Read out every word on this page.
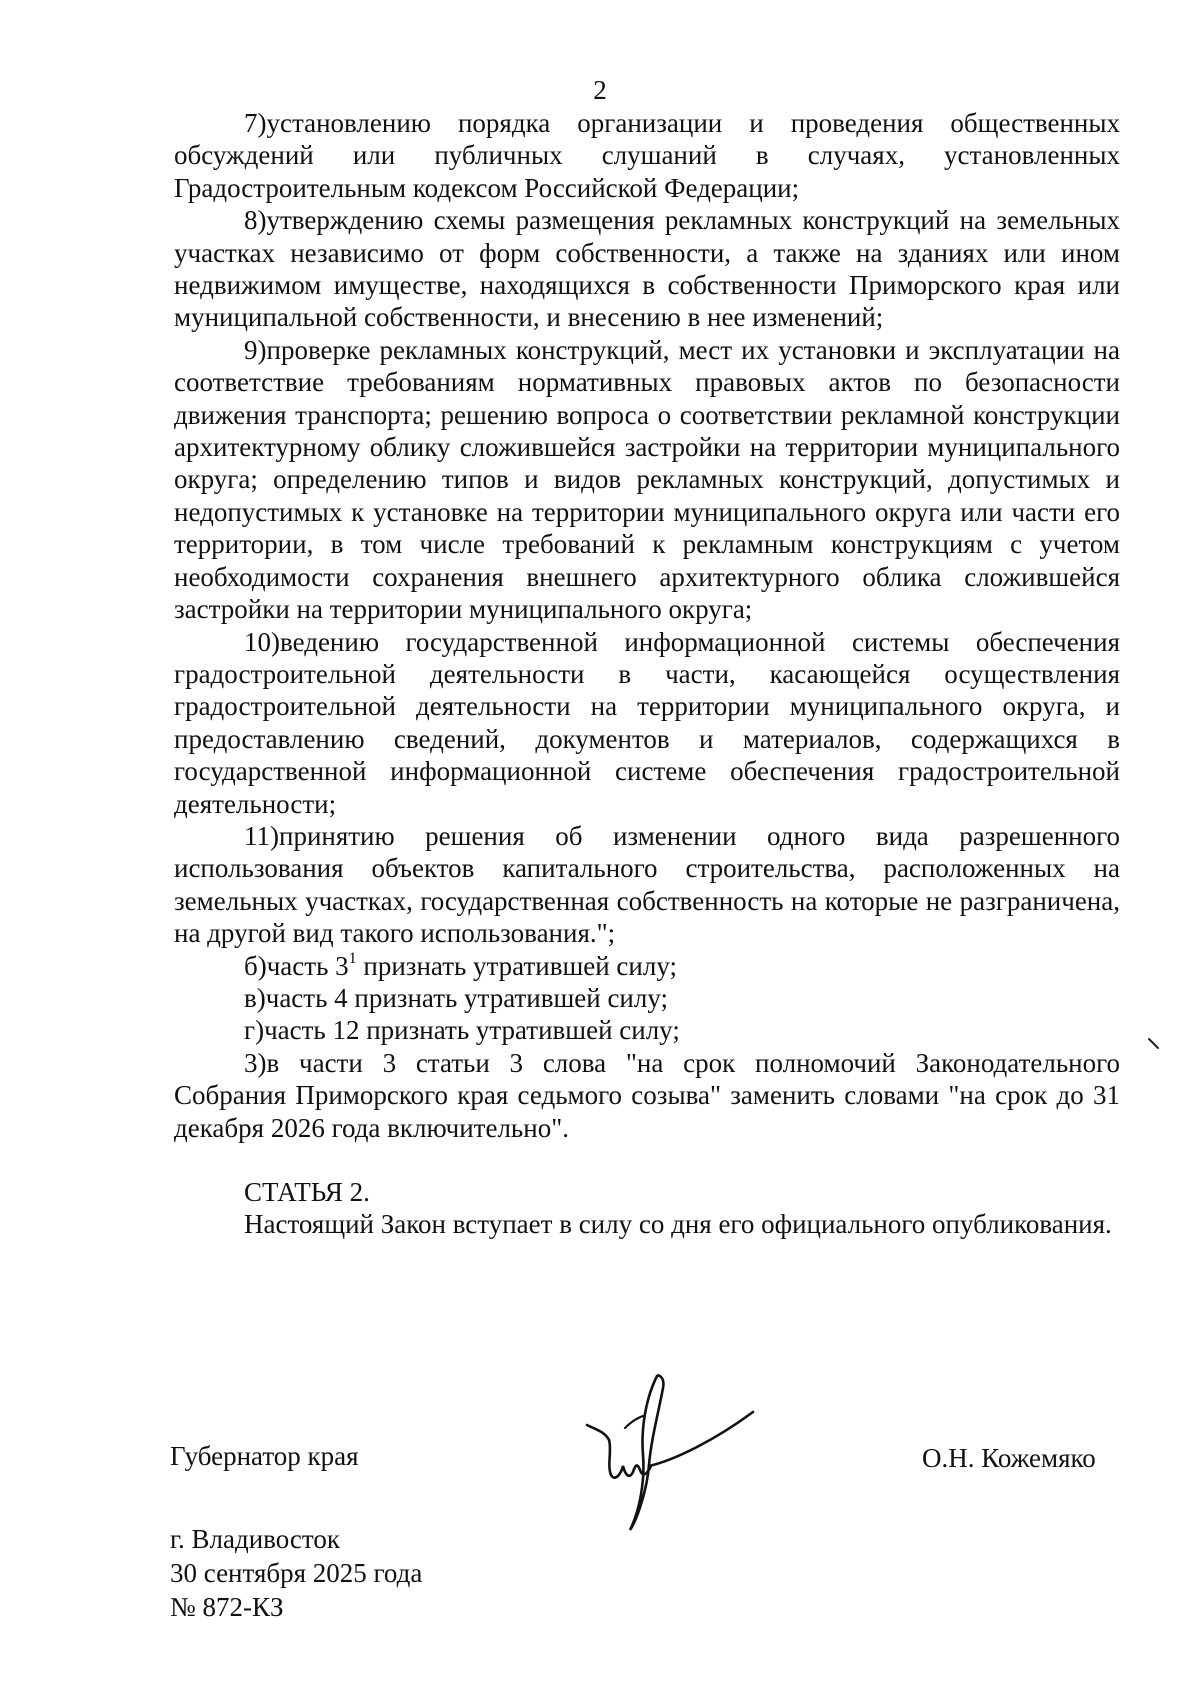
2

7)установлению порядка организации и проведения общественных обсуждений или публичных слушаний в случаях, установленных Градостроительным кодексом Российской Федерации;

8)утверждению схемы размещения рекламных конструкций на земельных участках независимо от форм собственности, а также на зданиях или ином недвижимом имуществе, находящихся в собственности Приморского края или муниципальной собственности, и внесению в нее изменений;

9)проверке рекламных конструкций, мест их установки и эксплуатации на соответствие требованиям нормативных правовых актов по безопасности движения транспорта; решению вопроса о соответствии рекламной конструкции архитектурному облику сложившейся застройки на территории муниципального округа; определению типов и видов рекламных конструкций, допустимых и недопустимых к установке на территории муниципального округа или части его территории, в том числе требований к рекламным конструкциям с учетом необходимости сохранения внешнего архитектурного облика сложившейся застройки на территории муниципального округа;

10)ведению государственной информационной системы обеспечения градостроительной деятельности в части, касающейся осуществления градостроительной деятельности на территории муниципального округа, и предоставлению сведений, документов и материалов, содержащихся в государственной информационной системе обеспечения градостроительной деятельности;

11)принятию решения об изменении одного вида разрешенного использования объектов капитального строительства, расположенных на земельных участках, государственная собственность на которые не разграничена, на другой вид такого использования.";

б)часть $3^1$ признать утратившей силу;

в)часть 4 признать утратившей силу;

г)часть 12 признать утратившей силу;

3)в части 3 статьи 3 слова "на срок полномочий Законодательного Собрания Приморского края седьмого созыва" заменить словами "на срок до 31 декабря 2026 года включительно".

СТАТЬЯ 2.

Настоящий Закон вступает в силу со дня его официального опубликования.

Губернатор края	О.Н. Кожемяко
г. Владивосток
30 сентября 2025 года
№ 872-КЗ
